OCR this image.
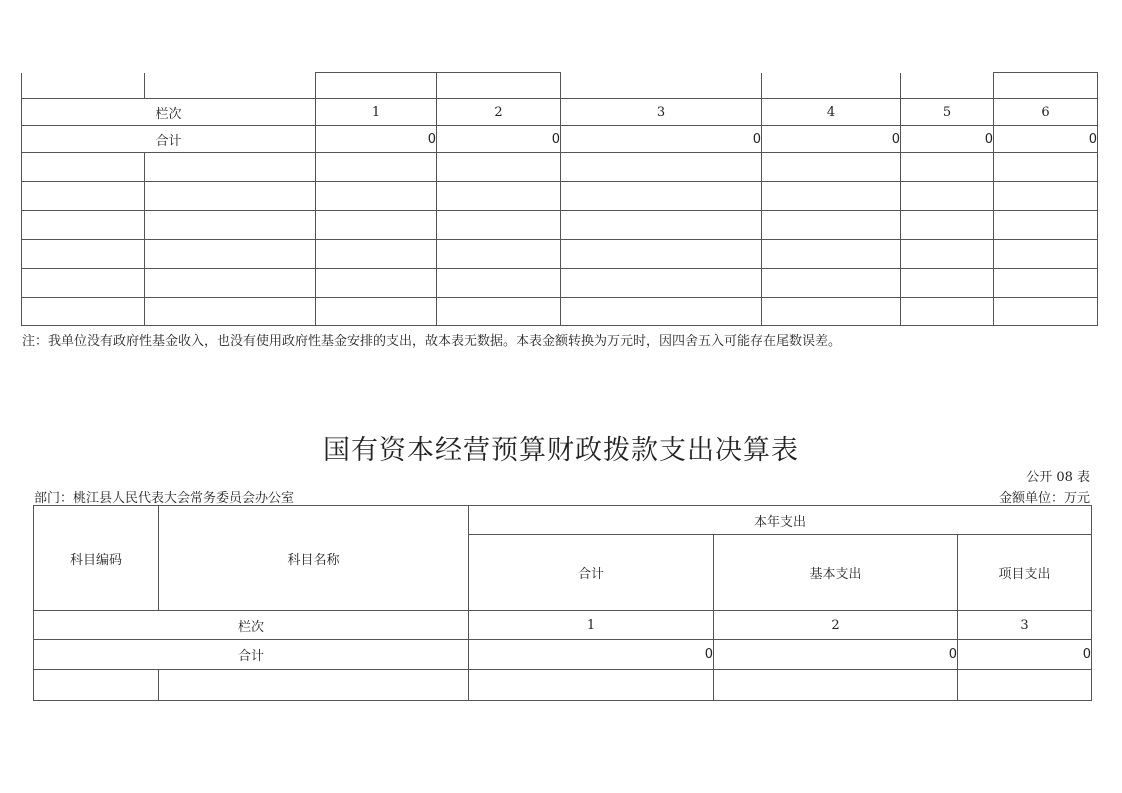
栏次		1	2	3	4	5	6
合计		0	0	0	0	0	0

注：我单位没有政府性基金收入，也没有使用政府性基金安排的支出，故本表无数据。本表金额转换为万元时，因四舍五入可能存在尾数误差。
国有资本经营预算财政拨款支出决算表
公开 08 表
部门：桃江县人民代表大会常务委员会办公室	金额单位：万元
科目编码	科目名称	本年支出		
		合计	基本支出	项目支出
栏次		1	2	3
合计		0	0	0
